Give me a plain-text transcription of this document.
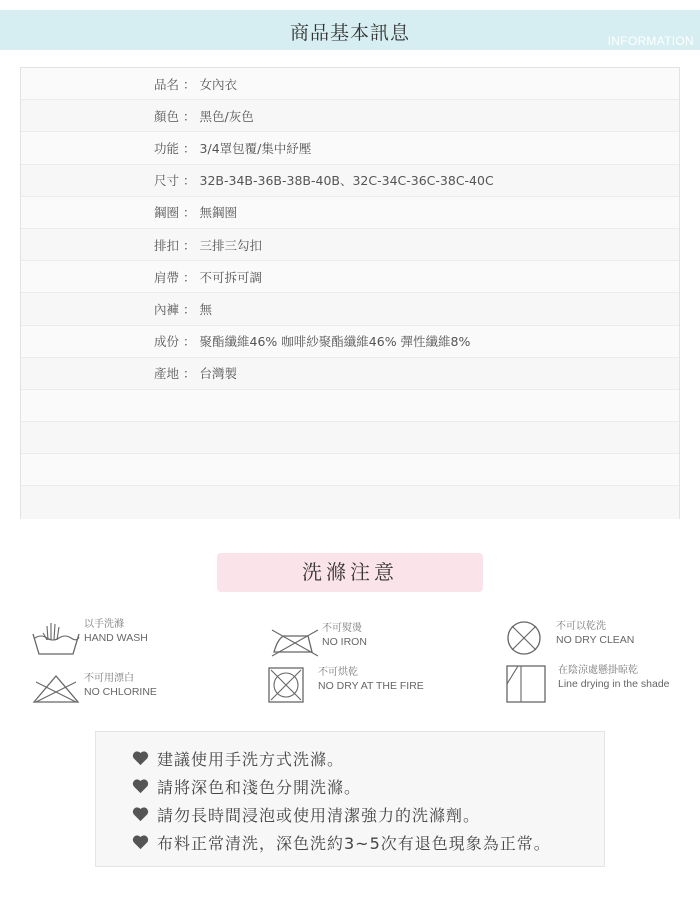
商品基本訊息	INFORMATION
品名 ： 女內衣
顏色 ： 黑色/灰色
功能 ： 3/4罩包覆/集中紓壓
尺寸 ： 32B-34B-36B-38B-40B、32C-34C-36C-38C-40C
鋼圈 ： 無鋼圈
排扣 ： 三排三勾扣
肩帶 ： 不可拆可調
內褲 ： 無
成份 ： 聚酯纖維46% 咖啡紗聚酯纖維46% 彈性纖維8%
產地 ： 台灣製
洗滌注意
以手洗滌
HAND WASH
不可熨燙
NO IRON
不可以乾洗
NO DRY CLEAN
不可用漂白
NO CHLORINE
不可烘乾
NO DRY AT THE FIRE
在陰涼處懸掛晾乾
Line drying in the shade
建議使用手洗方式洗滌。
請將深色和淺色分開洗滌。
請勿長時間浸泡或使用清潔強力的洗滌劑。
布料正常清洗，深色洗約3~5次有退色現象為正常。
